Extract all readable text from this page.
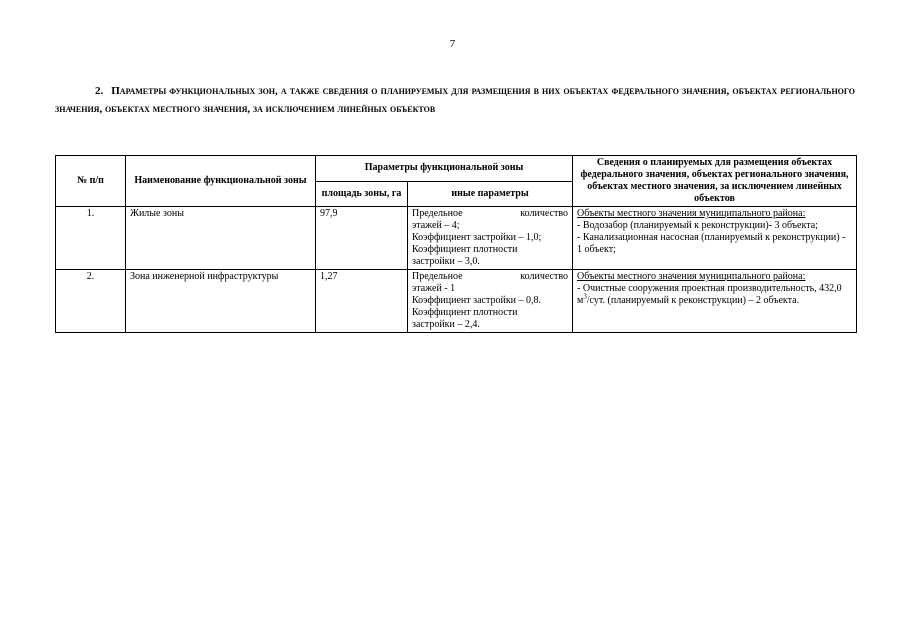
7
2. Параметры функциональных зон, а также сведения о планируемых для размещения в них объектах федерального значения, объектах регионального значения, объектах местного значения, за исключением линейных объектов
№ п/п	Наименование функциональной зоны	Параметры функциональной зоны		Сведения о планируемых для размещения объектах федерального значения, объектах регионального значения, объектах местного значения, за исключением линейных объектов
		площадь зоны, га	иные параметры	
1.	Жилые зоны	97,9	Предельное количество
этажей – 4;
Коэффициент застройки – 1,0;
Коэффициент плотности
застройки – 3,0.	Объекты местного значения муниципального района:
- Водозабор (планируемый к реконструкции)- 3 объекта;
- Канализационная насосная (планируемый к реконструкции) - 1 объект;

2.	Зона инженерной инфраструктуры	1,27	Предельное количество
этажей - 1
Коэффициент застройки – 0,8.
Коэффициент плотности
застройки – 2,4.	Объекты местного значения муниципального района:
- Очистные сооружения проектная производительность, 432,0 $м^3$/сут. (планируемый к реконструкции) – 2 объекта.
